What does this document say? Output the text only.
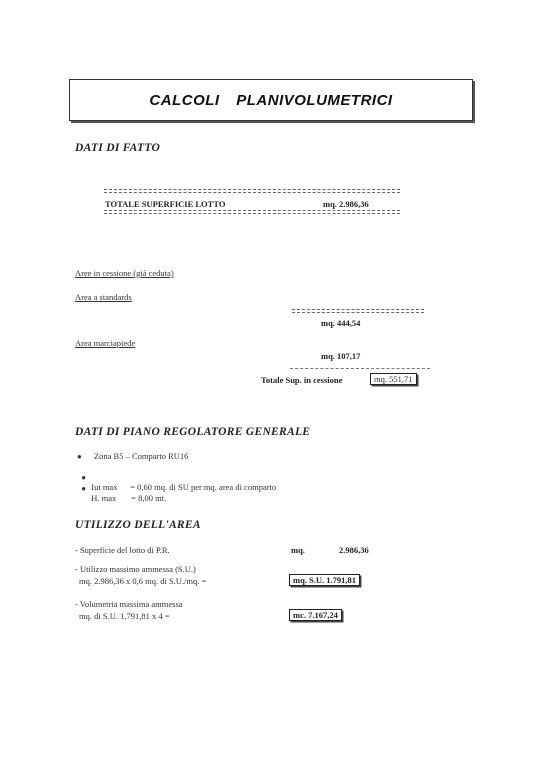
CALCOLI PLANIVOLUMETRICI
DATI DI FATTO
TOTALE SUPERFICIE LOTTO	mq. 2.986,36
Aree in cessione (già ceduta)
Area a standards
mq. 444,54
Area marciapiede
mq. 107,17
Totale Sup. in cessione	mq. 551,71
DATI DI PIANO REGOLATORE GENERALE
● Zona B5 – Comparto RU16

●
Iut max      = 0,60 mq. di SU per mq. area di comparto

●
H. max       = 8,00 mt.

UTILIZZO DELL'AREA
- Superficie del lotto di P.R.	mq.	2.986,36
- Utilizzo massimo ammessa (S.U.)
mq. 2.986,36 x 0,6 mq. di S.U./mq. =	mq. S.U. 1.791,81
- Volumetria massima ammessa
mq. di S.U. 1.791,81 x 4 =	mc. 7.167,24
